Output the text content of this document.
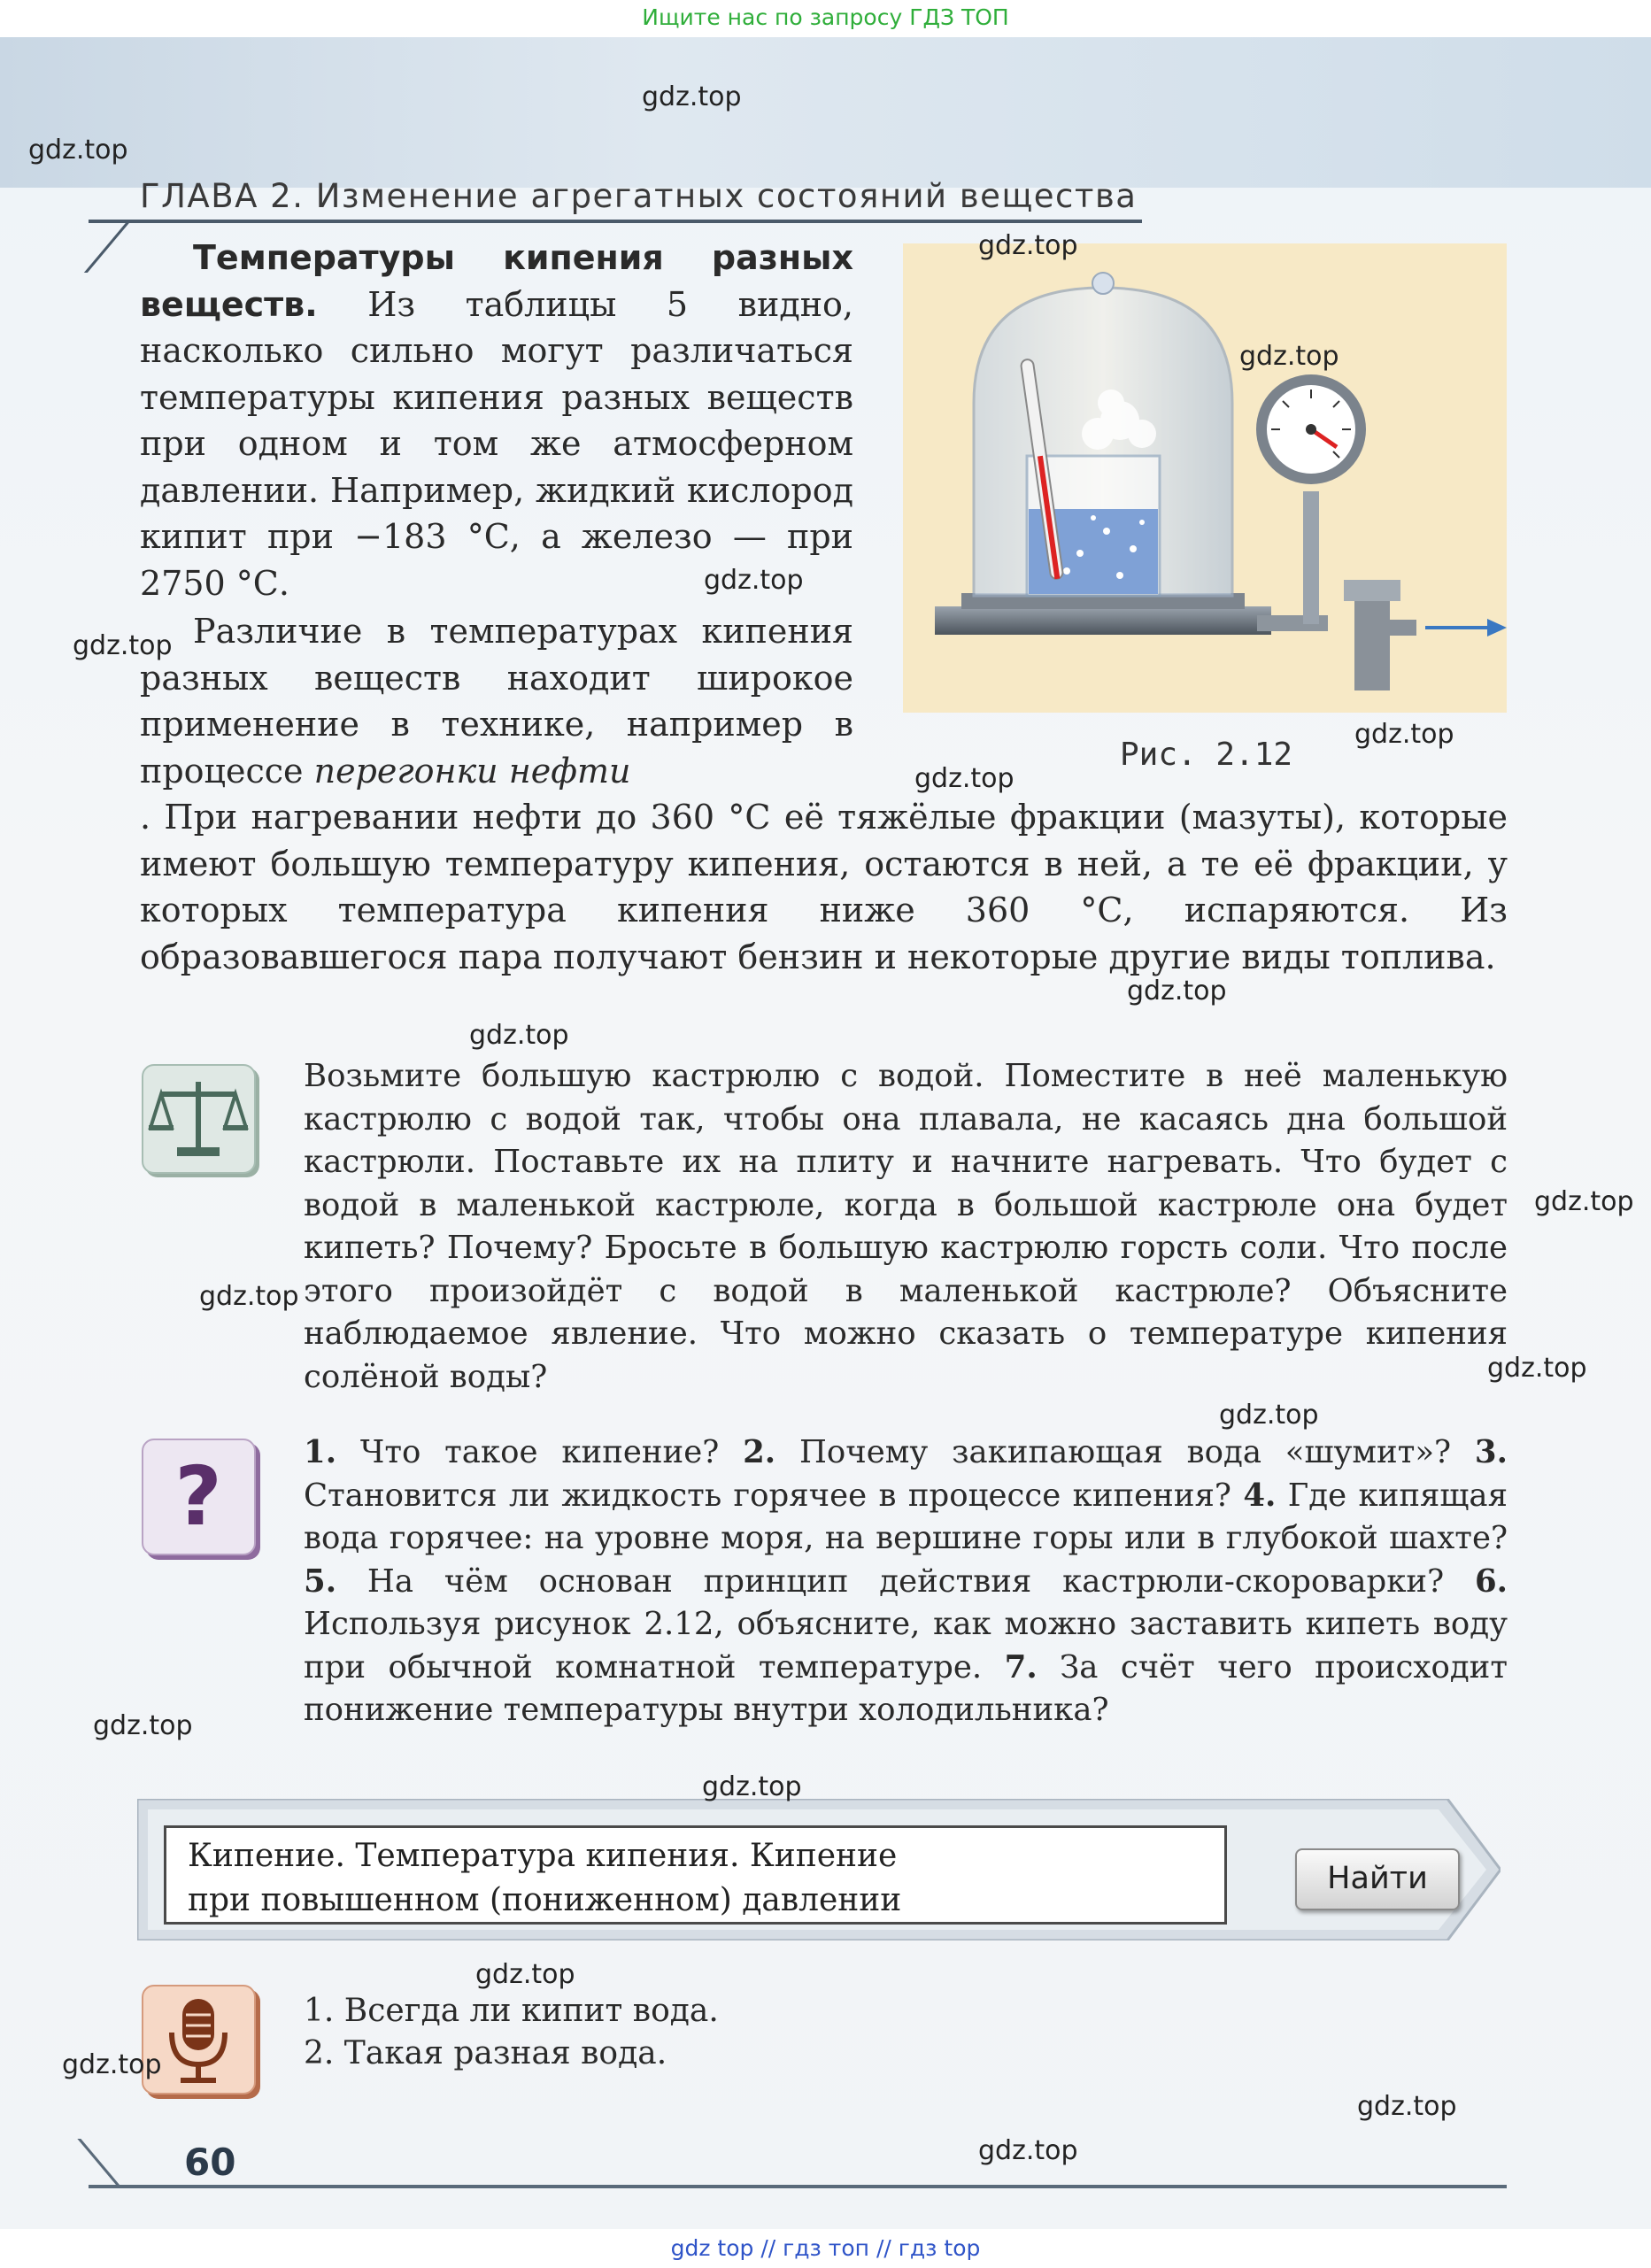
Ищите нас по запросу ГДЗ ТОП
ГЛАВА 2. Изменение агрегатных состояний вещества
Температуры кипения разных веществ. Из таблицы 5 видно, насколько сильно могут различаться температуры кипения разных веществ при одном и том же атмосферном давлении. Например, жидкий кислород кипит при −183 °С, а железо — при 2750 °С.
Различие в температурах кипения разных веществ находит широкое применение в технике, например в процессе перегонки нефти
. При нагревании нефти до 360 °С её тяжёлые фракции (мазуты), которые имеют большую температуру кипения, остаются в ней, а те её фракции, у которых температура кипения ниже 360 °С, испаряются. Из образовавшегося пара получают бензин и некоторые другие виды топлива.
Рис. 2.12
Возьмите большую кастрюлю с водой. Поместите в неё маленькую кастрюлю с водой так, чтобы она плавала, не касаясь дна большой кастрюли. Поставьте их на плиту и начните нагревать. Что будет с водой в маленькой кастрюле, когда в большой кастрюле она будет кипеть? Почему? Бросьте в большую кастрюлю горсть соли. Что после этого произойдёт с водой в маленькой кастрюле? Объясните наблюдаемое явление. Что можно сказать о температуре кипения солёной воды?
?	1. Что такое кипение? 2. Почему закипающая вода «шумит»? 3. Становится ли жидкость горячее в процессе кипения? 4. Где кипящая вода горячее: на уровне моря, на вершине горы или в глубокой шахте? 5. На чём основан принцип действия кастрюли-скороварки? 6. Используя рисунок 2.12, объясните, как можно заставить кипеть воду при обычной комнатной температуре. 7. За счёт чего происходит понижение температуры внутри холодильника?
Кипение. Температура кипения. Кипение
при повышенном (пониженном) давлении
Найти
1. Всегда ли кипит вода.
2. Такая разная вода.
60
gdz.top
gdz.top
gdz.top
gdz.top
gdz.top
gdz.top
gdz.top
gdz.top
gdz.top
gdz.top
gdz.top
gdz.top
gdz.top
gdz.top
gdz.top
gdz.top
gdz.top
gdz.top
gdz.top
gdz.top
gdz top // гдз топ // гдз top
